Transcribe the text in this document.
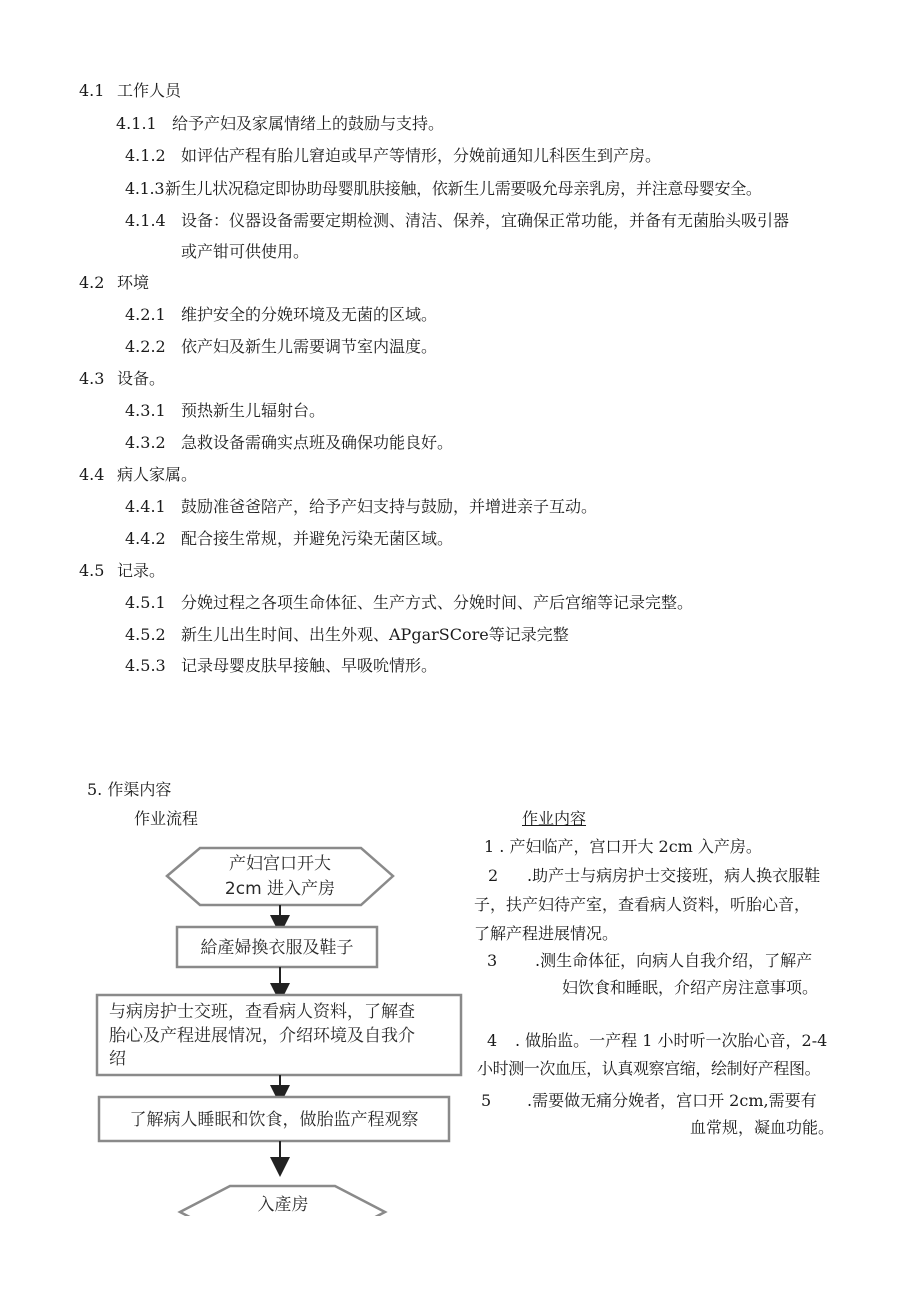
4.1 工作人员
4.1.1 给予产妇及家属情绪上的鼓励与支持。
4.1.2 如评估产程有胎儿窘迫或早产等情形，分娩前通知儿科医生到产房。
4.1.3新生儿状况稳定即协助母婴肌肤接触，依新生儿需要吸允母亲乳房，并注意母婴安全。
4.1.4 设备：仪器设备需要定期检测、清洁、保养，宜确保正常功能，并备有无菌胎头吸引器
或产钳可供使用。
4.2 环境
4.2.1 维护安全的分娩环境及无菌的区域。
4.2.2 依产妇及新生儿需要调节室内温度。
4.3 设备。
4.3.1 预热新生儿辐射台。
4.3.2 急救设备需确实点班及确保功能良好。
4.4 病人家属。
4.4.1 鼓励准爸爸陪产，给予产妇支持与鼓励，并增进亲子互动。
4.4.2 配合接生常规，并避免污染无菌区域。
4.5 记录。
4.5.1 分娩过程之各项生命体征、生产方式、分娩时间、产后宫缩等记录完整。
4.5.2 新生儿出生时间、出生外观、APgarSCore等记录完整
4.5.3 记录母婴皮肤早接触、早吸吮情形。
5. 作渠内容
作业流程	作业内容
产妇宫口开大
2cm 进入产房
給產婦換衣服及鞋子
与病房护士交班，查看病人资料，了解查
胎心及产程进展情况，介绍环境及自我介
绍
了解病人睡眠和饮食，做胎监产程观察
入產房
1 . 产妇临产，宫口开大 2cm 入产房。
2 .助产士与病房护士交接班，病人换衣服鞋
子，扶产妇待产室，查看病人资料，听胎心音，
了解产程进展情况。
3 .测生命体征，向病人自我介绍，了解产
妇饮食和睡眠，介绍产房注意事项。
4 . 做胎监。一产程 1 小时听一次胎心音，2-4
小时测一次血压，认真观察宫缩，绘制好产程图。
5 .需要做无痛分娩者，宫口开 2cm,需要有
血常规，凝血功能。
